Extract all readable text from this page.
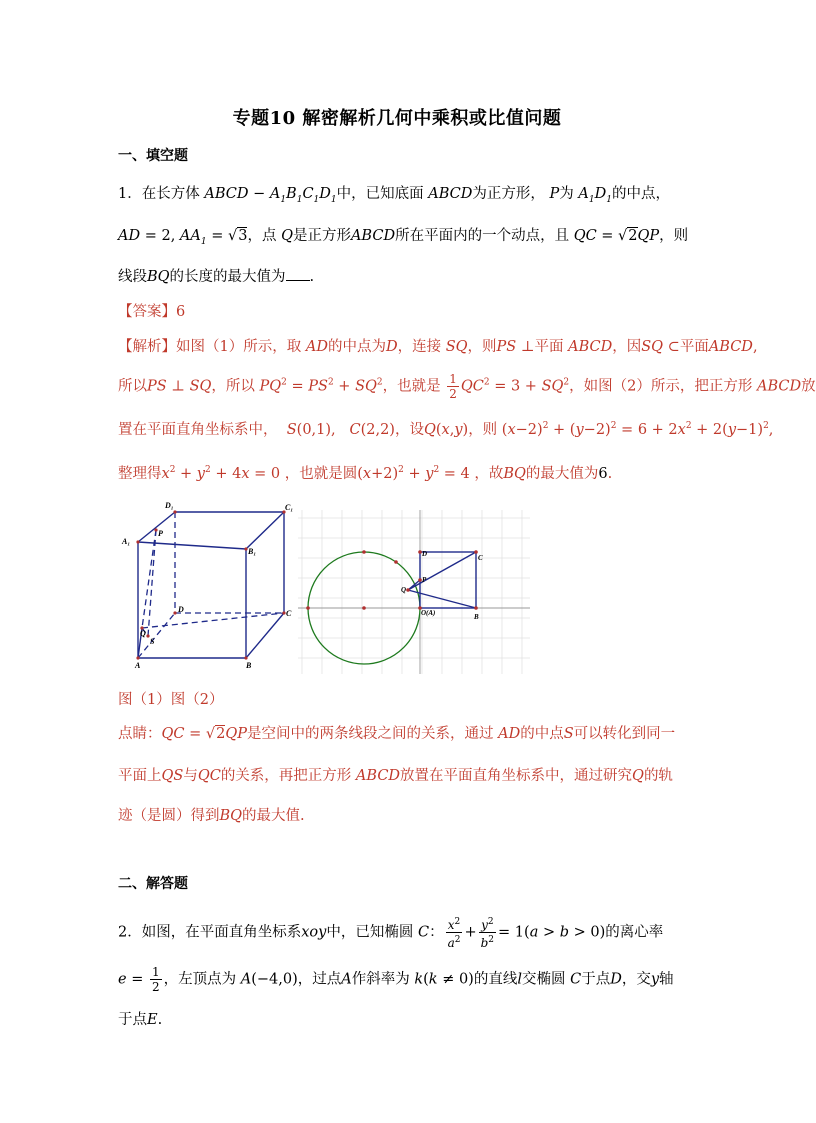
专题10 解密解析几何中乘积或比值问题
一、填空题
1．在长方体 ABCD − $A_1B_1C_1D_1$中，已知底面 ABCD为正方形， P为 $A_1D_1$的中点，
AD = 2, $AA_1 = √3$，点 Q是正方形ABCD所在平面内的一个动点，且 QC = √2QP，则
线段BQ的长度的最大值为 .
【答案】6
【解析】如图（1）所示，取 AD的中点为D，连接 SQ，则PS ⊥平面 ABCD，因SQ ⊂平面ABCD,
所以PS ⊥ SQ，所以 $PQ^2 = PS^2 + SQ^2$，也就是 $\frac{1}{2} QC^2 = 3 + SQ^2$，如图（2）所示，把正方形 ABCD放
置在平面直角坐标系中， S(0,1), C(2,2)，设Q(x,y)，则 $(x-2)^2 + (y-2)^2 = 6 + 2x^2 + 2(y-1)^2$,
整理得$x^2 + y^2 + 4x = 0$ ，也就是圆$(x+2)^2 + y^2 = 4$ ，故BQ的最大值为6.
D₁	C₁
A₁
B₁
P
D	C
Q
S
A	B
D	C
P
Q
O(A)	B
图（1）图（2）
点睛：QC = √2QP是空间中的两条线段之间的关系，通过 AD的中点S可以转化到同一
平面上QS与QC的关系，再把正方形 ABCD放置在平面直角坐标系中，通过研究Q的轨
迹（是圆）得到BQ的最大值.
二、解答题
2．如图，在平面直角坐标系xoy中，已知椭圆 C： $\frac{x^2}{a^2} + \frac{y^2}{b^2} = 1(a > b > 0)$的离心率
$e = \frac{1}{2}$ ，左顶点为 A(−4,0)，过点A作斜率为 k(k ≠ 0)的直线l交椭圆 C于点D，交y轴
于点E.
